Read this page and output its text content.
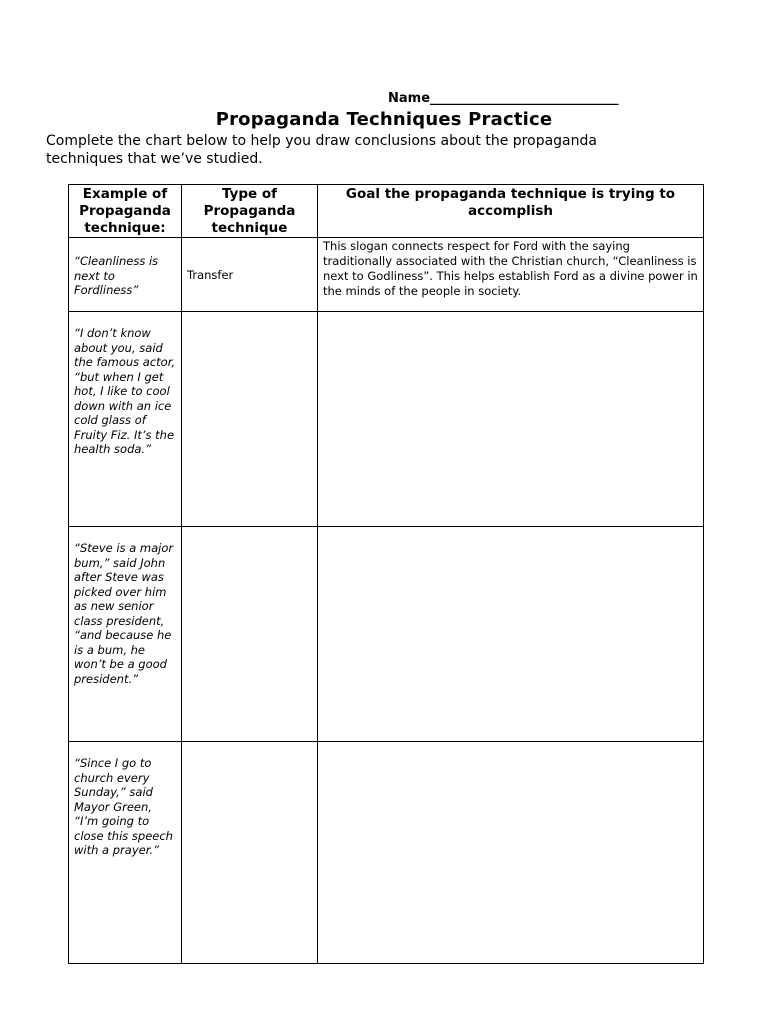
Name_____________________________
Propaganda Techniques Practice

Complete the chart below to help you draw conclusions about the propaganda techniques that we’ve studied.

Example of Propaganda technique:	Type of Propaganda technique	Goal the propaganda technique is trying to accomplish
“Cleanliness is next to Fordliness”	Transfer	This slogan connects respect for Ford with the saying traditionally associated with the Christian church, “Cleanliness is next to Godliness”. This helps establish Ford as a divine power in the minds of the people in society.
“I don’t know about you, said the famous actor, “but when I get hot, I like to cool down with an ice cold glass of Fruity Fiz. It’s the health soda.”		
“Steve is a major bum,” said John after Steve was picked over him as new senior class president, “and because he is a bum, he won’t be a good president.”		
“Since I go to church every Sunday,” said Mayor Green, “I’m going to close this speech with a prayer.”		
